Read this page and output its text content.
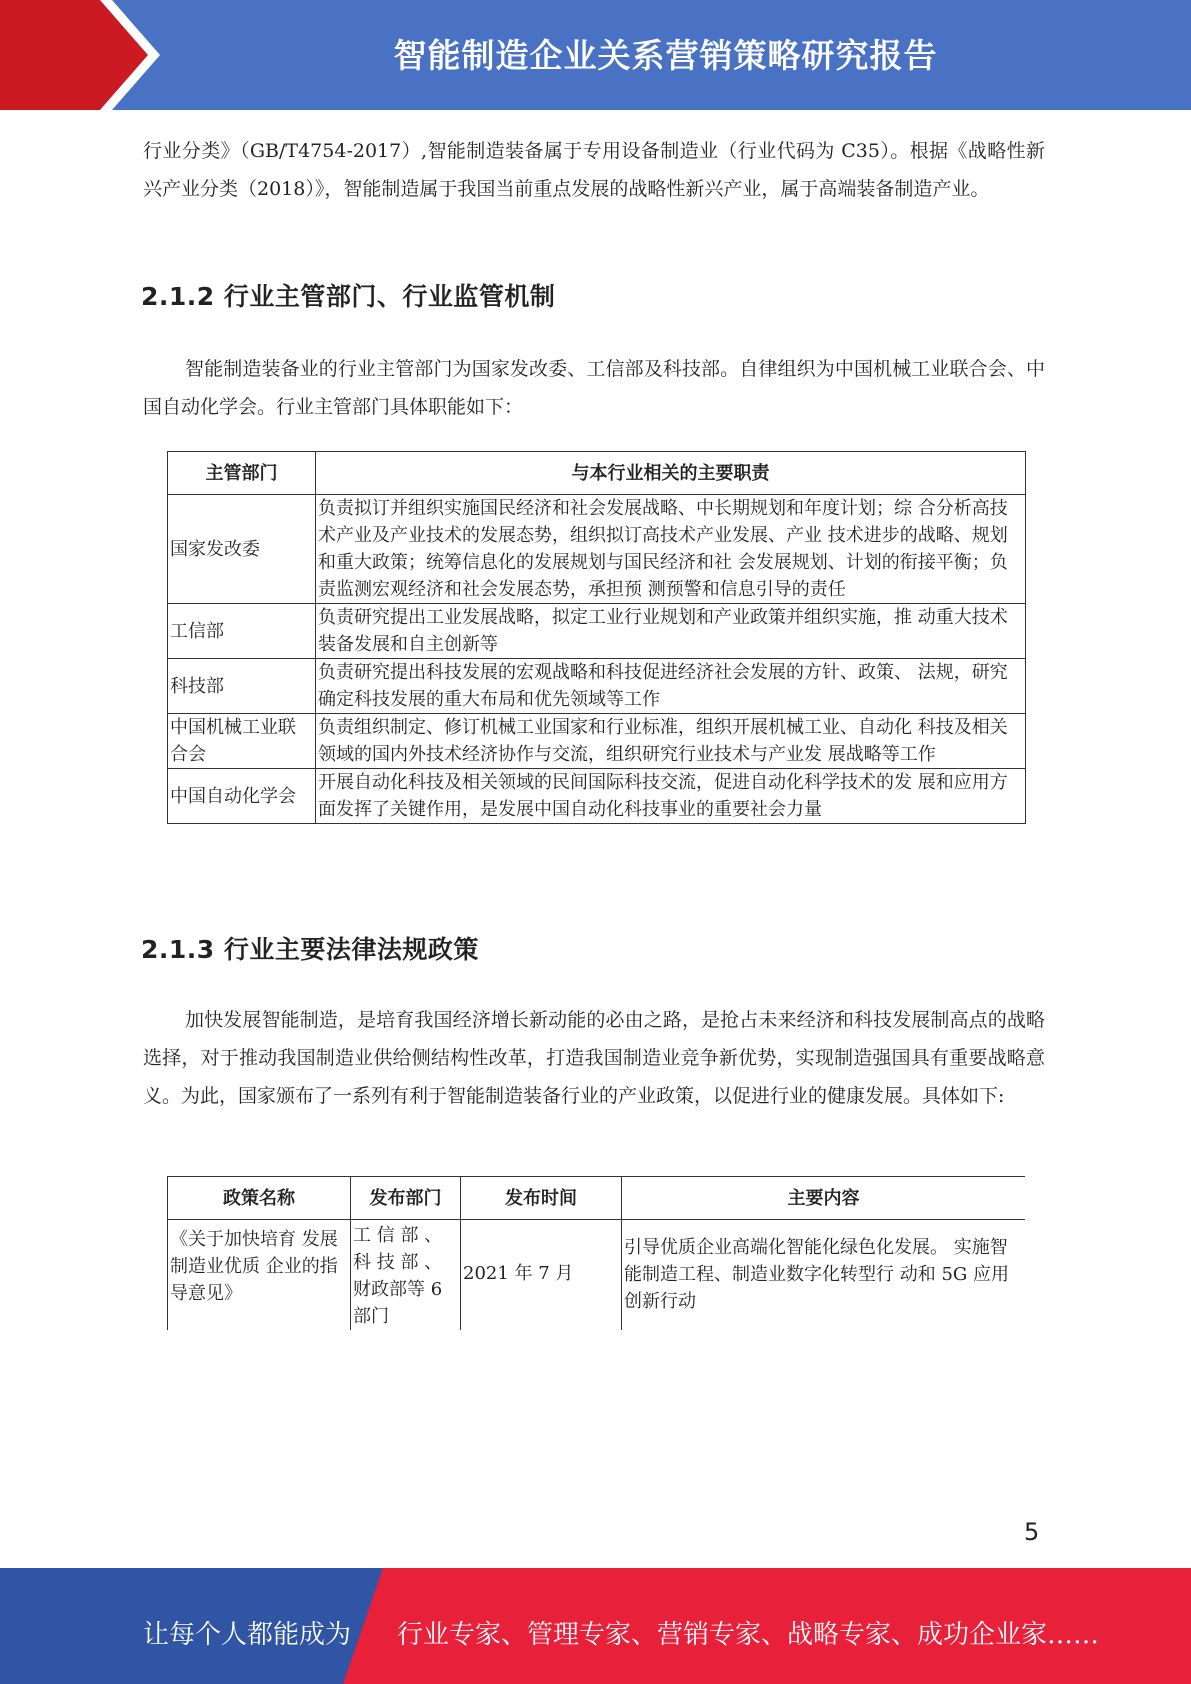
智能制造企业关系营销策略研究报告

行业分类》（GB/T4754-2017）,智能制造装备属于专用设备制造业（行业代码为 C35）。根据《战略性新兴产业分类（2018）》，智能制造属于我国当前重点发展的战略性新兴产业，属于高端装备制造产业。

2.1.2 行业主管部门、行业监管机制

智能制造装备业的行业主管部门为国家发改委、工信部及科技部。自律组织为中国机械工业联合会、中国自动化学会。行业主管部门具体职能如下：

主管部门	与本行业相关的主要职责
国家发改委	负责拟订并组织实施国民经济和社会发展战略、中长期规划和年度计划；综 合分析高技术产业及产业技术的发展态势，组织拟订高技术产业发展、产业 技术进步的战略、规划和重大政策；统筹信息化的发展规划与国民经济和社 会发展规划、计划的衔接平衡；负责监测宏观经济和社会发展态势，承担预 测预警和信息引导的责任
工信部	负责研究提出工业发展战略，拟定工业行业规划和产业政策并组织实施，推 动重大技术装备发展和自主创新等
科技部	负责研究提出科技发展的宏观战略和科技促进经济社会发展的方针、政策、 法规，研究确定科技发展的重大布局和优先领域等工作
中国机械工业联合会	负责组织制定、修订机械工业国家和行业标准，组织开展机械工业、自动化 科技及相关领域的国内外技术经济协作与交流，组织研究行业技术与产业发 展战略等工作
中国自动化学会	开展自动化科技及相关领域的民间国际科技交流，促进自动化科学技术的发 展和应用方面发挥了关键作用，是发展中国自动化科技事业的重要社会力量
2.1.3 行业主要法律法规政策

加快发展智能制造，是培育我国经济增长新动能的必由之路，是抢占未来经济和科技发展制高点的战略选择，对于推动我国制造业供给侧结构性改革，打造我国制造业竞争新优势，实现制造强国具有重要战略意义。为此，国家颁布了一系列有利于智能制造装备行业的产业政策，以促进行业的健康发展。具体如下:

政策名称	发布部门	发布时间	主要内容
《关于加快培育 发展制造业优质 企业的指导意见》	工 信 部 、科 技 部 、财政部等 6 部门	2021 年 7 月	引导优质企业高端化智能化绿色化发展。 实施智能制造工程、制造业数字化转型行 动和 5G 应用创新行动
5
让每个人都能成为 行业专家、管理专家、营销专家、战略专家、成功企业家……
